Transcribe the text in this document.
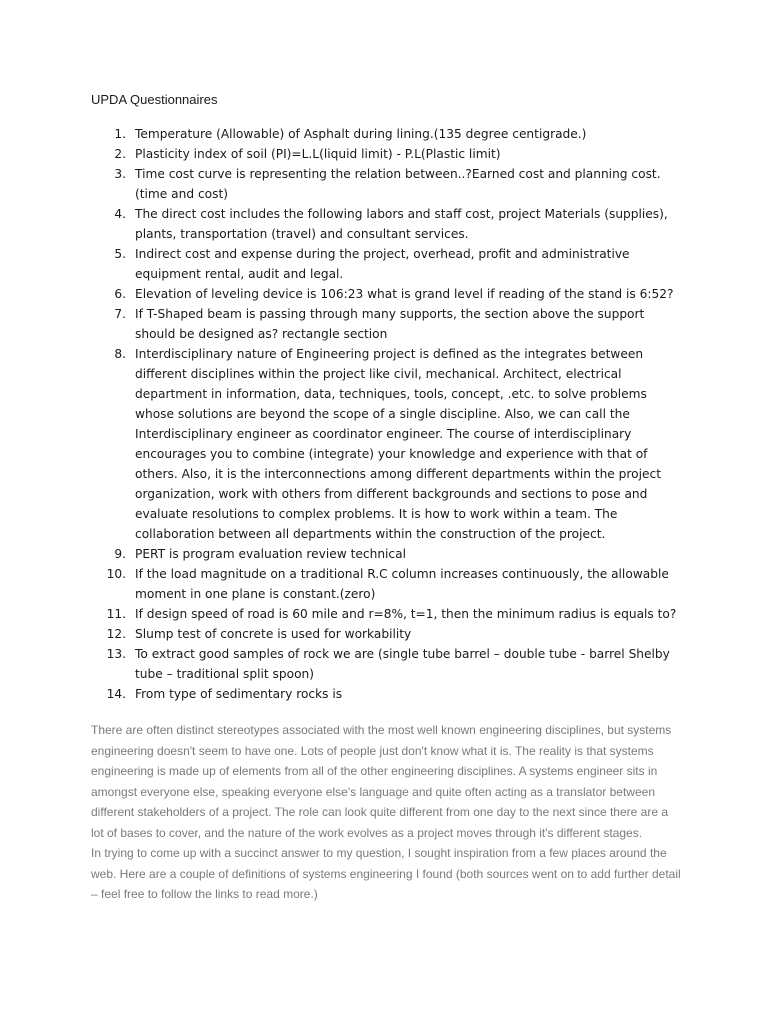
UPDA Questionnaires
1. Temperature (Allowable) of Asphalt during lining.(135 degree centigrade.)
2. Plasticity index of soil (PI)=L.L(liquid limit) - P.L(Plastic limit)
3. Time cost curve is representing the relation between..?Earned cost and planning cost.(time and cost)
4. The direct cost includes the following labors and staff cost, project Materials (supplies), plants, transportation (travel) and consultant services.
5. Indirect cost and expense during the project, overhead, profit and administrative equipment rental, audit and legal.
6. Elevation of leveling device is 106:23 what is grand level if reading of the stand is 6:52?
7. If T-Shaped beam is passing through many supports, the section above the support should be designed as? rectangle section
8. Interdisciplinary nature of Engineering project is defined as the integrates between different disciplines within the project like civil, mechanical. Architect, electrical department in information, data, techniques, tools, concept, .etc. to solve problems whose solutions are beyond the scope of a single discipline. Also, we can call the Interdisciplinary engineer as coordinator engineer. The course of interdisciplinary encourages you to combine (integrate) your knowledge and experience with that of others. Also, it is the interconnections among different departments within the project organization, work with others from different backgrounds and sections to pose and evaluate resolutions to complex problems. It is how to work within a team. The collaboration between all departments within the construction of the project.
9. PERT is program evaluation review technical
10. If the load magnitude on a traditional R.C column increases continuously, the allowable moment in one plane is constant.(zero)
11. If design speed of road is 60 mile and r=8%, t=1, then the minimum radius is equals to?
12. Slump test of concrete is used for workability
13. To extract good samples of rock we are (single tube barrel – double tube - barrel Shelby tube – traditional split spoon)
14. From type of sedimentary rocks is

There are often distinct stereotypes associated with the most well known engineering disciplines, but systems engineering doesn't seem to have one. Lots of people just don't know what it is. The reality is that systems engineering is made up of elements from all of the other engineering disciplines. A systems engineer sits in amongst everyone else, speaking everyone else's language and quite often acting as a translator between different stakeholders of a project. The role can look quite different from one day to the next since there are a lot of bases to cover, and the nature of the work evolves as a project moves through it's different stages.

In trying to come up with a succinct answer to my question, I sought inspiration from a few places around the web. Here are a couple of definitions of systems engineering I found (both sources went on to add further detail – feel free to follow the links to read more.)
